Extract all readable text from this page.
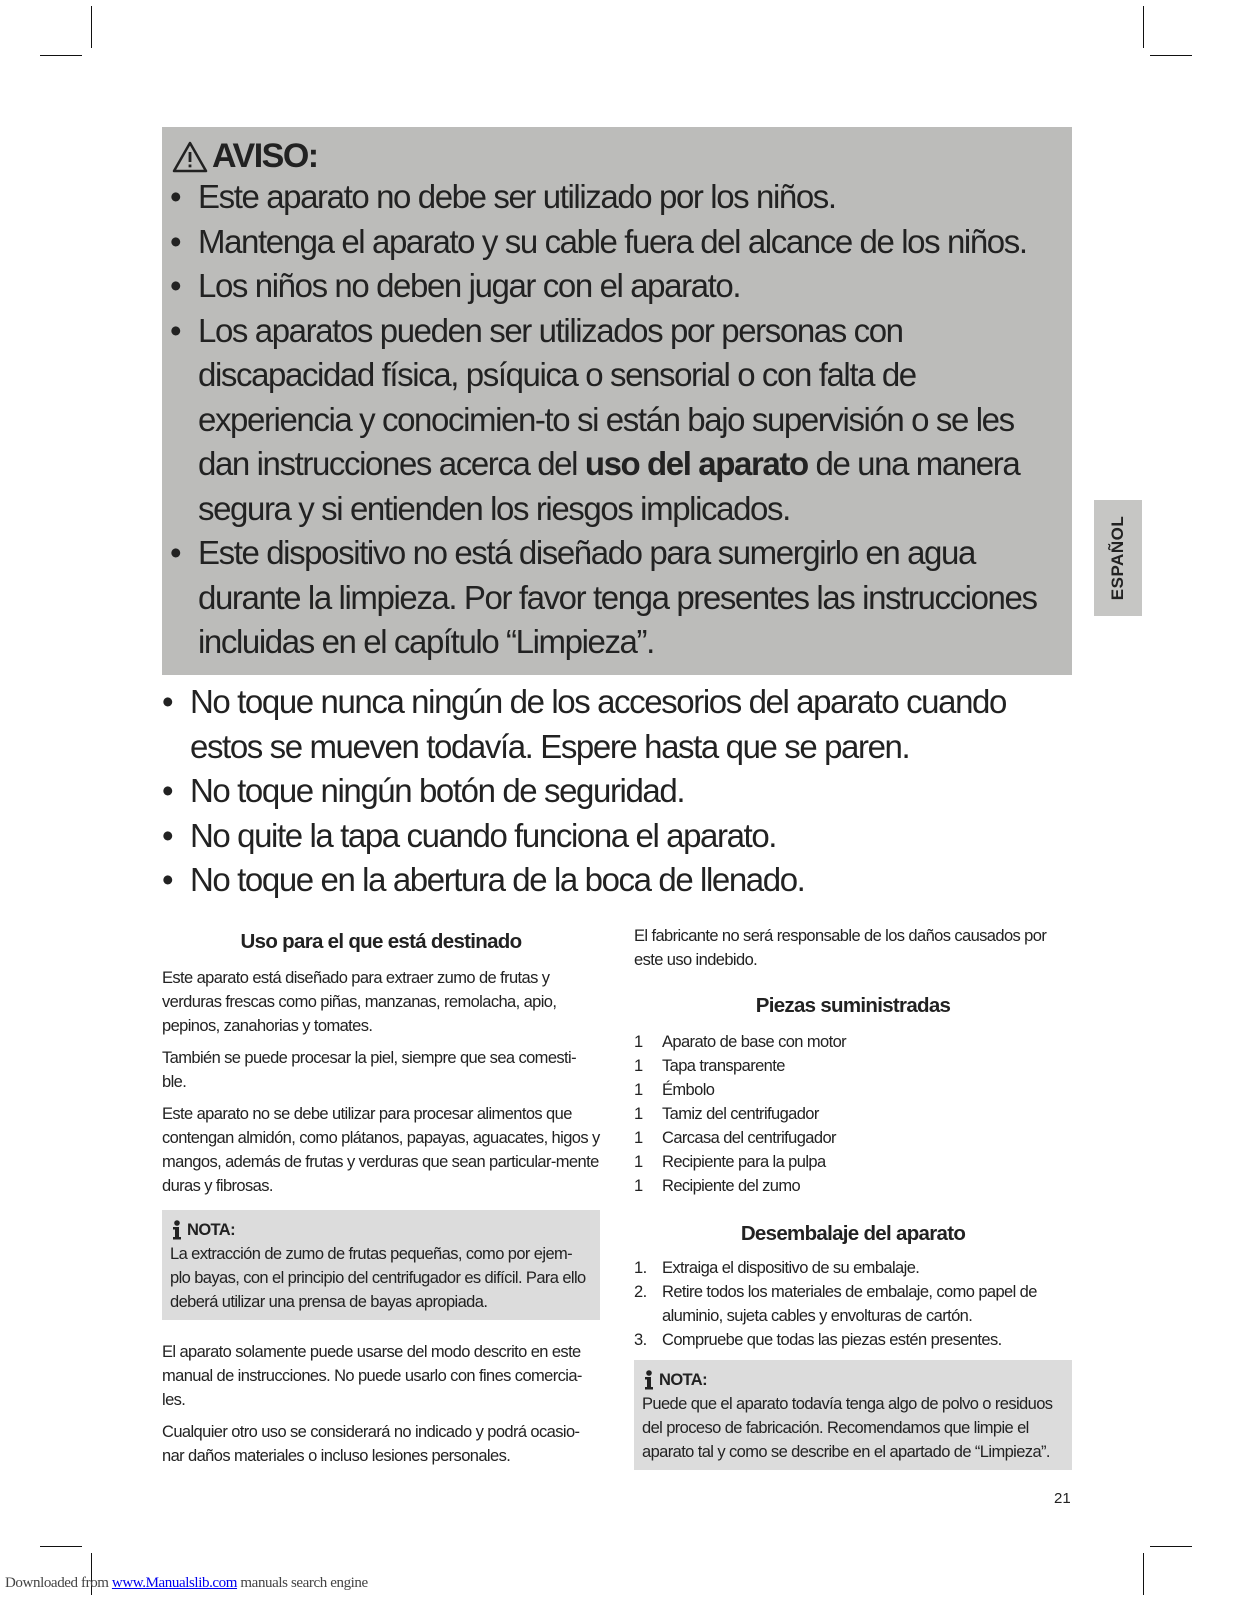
AVISO:
• Este aparato no debe ser utilizado por los niños.
• Mantenga el aparato y su cable fuera del alcance de los niños.
• Los niños no deben jugar con el aparato.
• Los aparatos pueden ser utilizados por personas con discapacidad física, psíquica o sensorial o con falta de experiencia y conocimien-to si están bajo supervisión o se les dan instrucciones acerca del uso del aparato de una manera segura y si entienden los riesgos implicados.
• Este dispositivo no está diseñado para sumergirlo en agua durante la limpieza. Por favor tenga presentes las instrucciones incluidas en el capítulo “Limpieza”.
• No toque nunca ningún de los accesorios del aparato cuando estos se mueven todavía. Espere hasta que se paren.
• No toque ningún botón de seguridad.
• No quite la tapa cuando funciona el aparato.
• No toque en la abertura de la boca de llenado.
Uso para el que está destinado

Este aparato está diseñado para extraer zumo de frutas y verduras frescas como piñas, manzanas, remolacha, apio, pepinos, zanahorias y tomates.

También se puede procesar la piel, siempre que sea comesti-ble.

Este aparato no se debe utilizar para procesar alimentos que contengan almidón, como plátanos, papayas, aguacates, higos y mangos, además de frutas y verduras que sean particular-mente duras y fibrosas.

NOTA:

La extracción de zumo de frutas pequeñas, como por ejem-plo bayas, con el principio del centrifugador es difícil. Para ello deberá utilizar una prensa de bayas apropiada.

El aparato solamente puede usarse del modo descrito en este manual de instrucciones. No puede usarlo con fines comercia-les.

Cualquier otro uso se considerará no indicado y podrá ocasio-nar daños materiales o incluso lesiones personales.

El fabricante no será responsable de los daños causados por este uso indebido.

Piezas suministradas
1	Aparato de base con motor
1	Tapa transparente
1	Émbolo
1	Tamiz del centrifugador
1	Carcasa del centrifugador
1	Recipiente para la pulpa
1	Recipiente del zumo
Desembalaje del aparato
1. Extraiga el dispositivo de su embalaje.
2. Retire todos los materiales de embalaje, como papel de aluminio, sujeta cables y envolturas de cartón.
3. Compruebe que todas las piezas estén presentes.
NOTA:

Puede que el aparato todavía tenga algo de polvo o residuos del proceso de fabricación. Recomendamos que limpie el aparato tal y como se describe en el apartado de “Limpieza”.

ESPAÑOL
21
Downloaded from www.Manualslib.com manuals search engine
